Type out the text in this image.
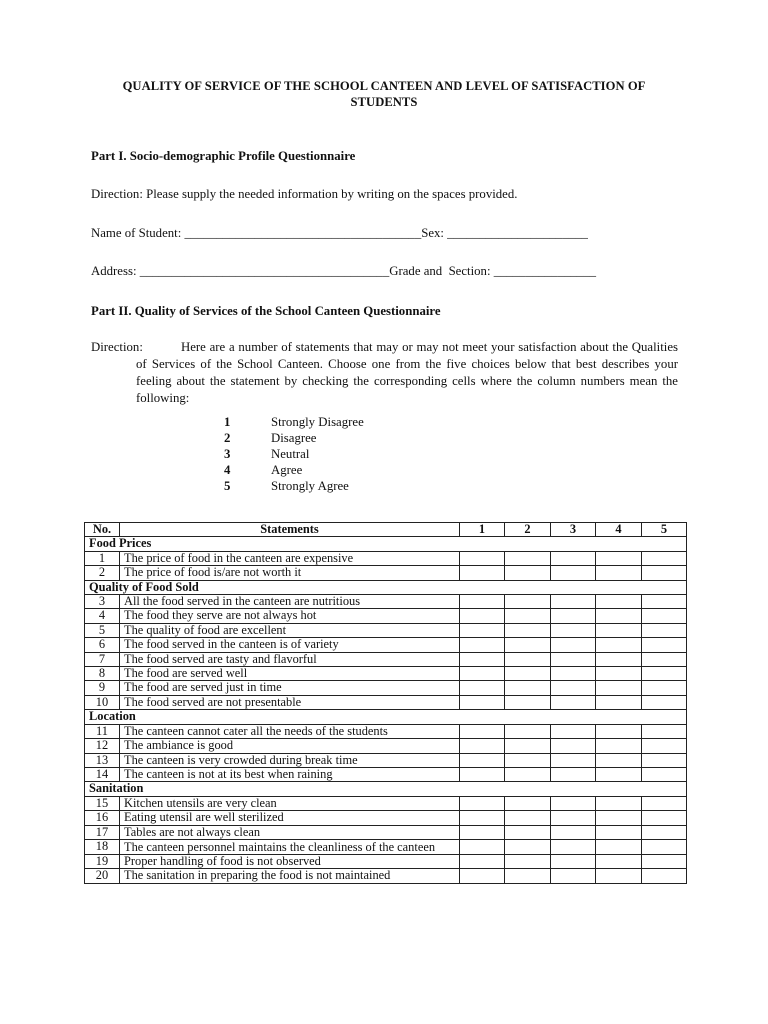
QUALITY OF SERVICE OF THE SCHOOL CANTEEN AND LEVEL OF SATISFACTION OF
STUDENTS
Part I. Socio-demographic Profile Questionnaire
Direction: Please supply the needed information by writing on the spaces provided.
Name of Student: _____________________________________Sex: ______________________
Address: _______________________________________Grade and  Section: ________________
Part II. Quality of Services of the School Canteen Questionnaire
Direction:	Here are a number of statements that may or may not meet your satisfaction about the Qualities of Services of the School Canteen. Choose one from the five choices below that best describes your feeling about the statement by checking the corresponding cells where the column numbers mean the following:

1	Strongly Disagree
2	Disagree
3	Neutral
4	Agree
5	Strongly Agree
No.	Statements	1	2	3	4	5
Food Prices						
1	The price of food in the canteen are expensive					
2	The price of food is/are not worth it					
Quality of Food Sold						
3	All the food served in the canteen are nutritious					
4	The food they serve are not always hot					
5	The quality of food are excellent					
6	The food served in the canteen is of variety					
7	The food served are tasty and flavorful					
8	The food are served well					
9	The food are served just in time					
10	The food served are not presentable					
Location						
11	The canteen cannot cater all the needs of the students					
12	The ambiance is good					
13	The canteen is very crowded during break time					
14	The canteen is not at its best when raining					
Sanitation						
15	Kitchen utensils are very clean					
16	Eating utensil are well sterilized					
17	Tables are not always clean					
18	The canteen personnel maintains the cleanliness of the canteen					
19	Proper handling of food is not observed					
20	The sanitation in preparing the food is not maintained					
